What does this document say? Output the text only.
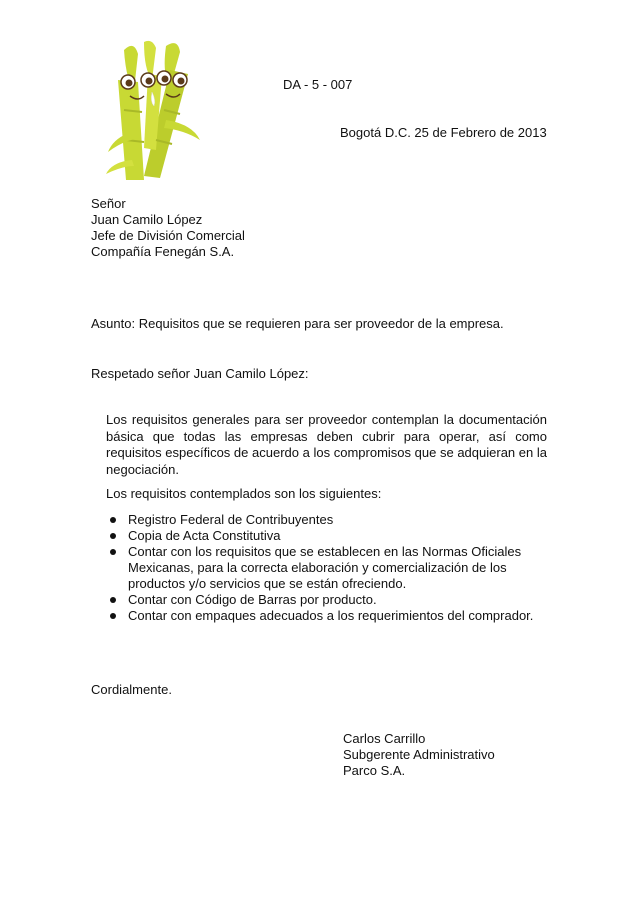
DA - 5 - 007
Bogotá D.C. 25 de Febrero de 2013
Señor
Juan Camilo López
Jefe de División Comercial
Compañía Fenegán S.A.
Asunto: Requisitos que se requieren para ser proveedor de la empresa.
Respetado señor Juan Camilo López:
Los requisitos generales para ser proveedor contemplan la documentación básica que todas las empresas deben cubrir para operar, así como requisitos específicos de acuerdo a los compromisos que se adquieran en la negociación.
Los requisitos contemplados son los siguientes:
Registro Federal de Contribuyentes
Copia de Acta Constitutiva
Contar con los requisitos que se establecen en las Normas Oficiales Mexicanas, para la correcta elaboración y comercialización de los productos y/o servicios que se están ofreciendo.
Contar con Código de Barras por producto.
Contar con empaques adecuados a los requerimientos del comprador.
Cordialmente.
Carlos Carrillo
Subgerente Administrativo
Parco S.A.
